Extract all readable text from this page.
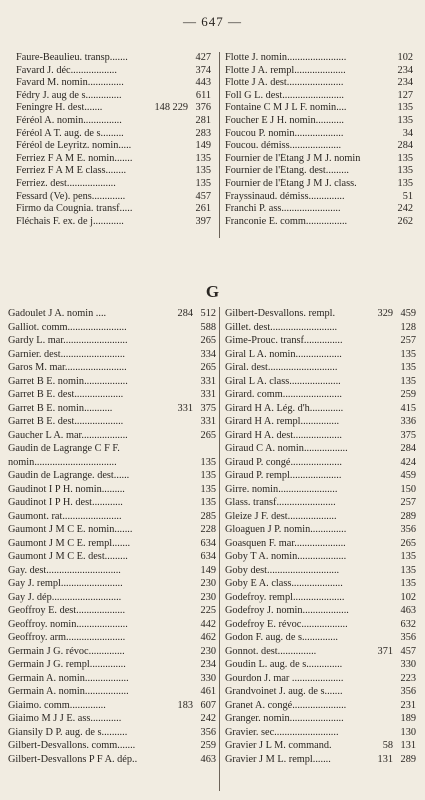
— 647 —
Faure-Beaulieu. transp.......	427
Favard J. déc..................	374
Favard M. nomin..............	443
Fédry J. aug de s..............	611
Feningre H. dest.......	148 229 376
Féréol A. nomin...............	281
Féréol A T. aug. de s.........	283
Féréol de Leyritz. nomin.....	149
Ferriez F A M E. nomin.......	135
Ferriez F A M E class........	135
Ferriez. dest...................	135
Fessard (Ve). pens.............	457
Firmo da Cougnia. transf.....	261
Fléchais F. ex. de j............	397
Flotte J. nomin.......................	102
Flotte J A. rempl....................	234
Flotte J A. dest......................	234
Foll G L. dest........................	127
Fontaine C M J L F. nomin....	135
Foucher E J H. nomin...........	135
Foucou P. nomin...................	34
Foucou. démiss....................	284
Fournier de l'Étang J M J. nomin	135
Fournier de l'Étang. dest.........	135
Fournier de l'Étang J M J. class.	135
Frayssinaud. démiss..............	51
Franchi P. ass.......................	242
Franconie E. comm................	262
G
Gadoulet J A. nomin ....	284 512
Galliot. comm.......................	588
Gardy L. mar.........................	265
Garnier. dest.........................	334
Garos M. mar........................	265
Garret B E. nomin.................	331
Garret B E. dest...................	331
Garret B E. nomin...........	331 375
Garret B E. dest...................	331
Gaucher L A. mar..................	265
Gaudin de Lagrange C F F.
nomin................................	135
Gaudin de Lagrange. dest......	135
Gaudinot I P H. nomin.........	135
Gaudinot I P H. dest............	135
Gaumont. rat.......................	285
Gaumont J M C E. nomin.......	228
Gaumont J M C E. rempl.......	634
Gaumont J M C E. dest.........	634
Gay. dest.............................	149
Gay J. rempl........................	230
Gay J. dép...........................	230
Geoffroy E. dest...................	225
Geoffroy. nomin....................	442
Geoffroy. arm.......................	462
Germain J G. révoc..............	230
Germain J G. rempl..............	234
Germain A. nomin.................	330
Germain A. nomin.................	461
Giaimo. comm..............	183 607
Giaimo M J J E. ass............	242
Giansily D P. aug. de s..........	356
Gilbert-Desvallons. comm.......	259
Gilbert-Desvallons P F A. dép..	463
Gilbert-Desvallons. rempl.	329 459
Gillet. dest..........................	128
Gime-Prouc. transf...............	257
Giral L A. nomin..................	135
Giral. dest...........................	135
Giral L A. class....................	135
Girard. comm.......................	259
Girard H A. Lég. d'h.............	415
Girard H A. rempl...............	336
Girard H A. dest...................	375
Giraud C A. nomin.................	284
Giraud P. congé....................	424
Giraud P. rempl....................	459
Girre. nomin.......................	150
Glass. transf.......................	257
Gleize J F. dest...................	289
Gloaguen J P. nomin..............	356
Goasquen F. mar....................	265
Goby T A. nomin...................	135
Goby dest............................	135
Goby E A. class....................	135
Godefroy. rempl....................	102
Godefroy J. nomin..................	463
Godefroy E. révoc..................	632
Godon F. aug. de s..............	356
Gonnot. dest...............	371 457
Goudin L. aug. de s..............	330
Gourdon J. mar ....................	223
Grandvoinet J. aug. de s.......	356
Granet A. congé.....................	231
Granger. nomin.....................	189
Gravier. sec.........................	130
Gravier J L M. command.	58 131
Gravier J M L. rempl.......	131 289
